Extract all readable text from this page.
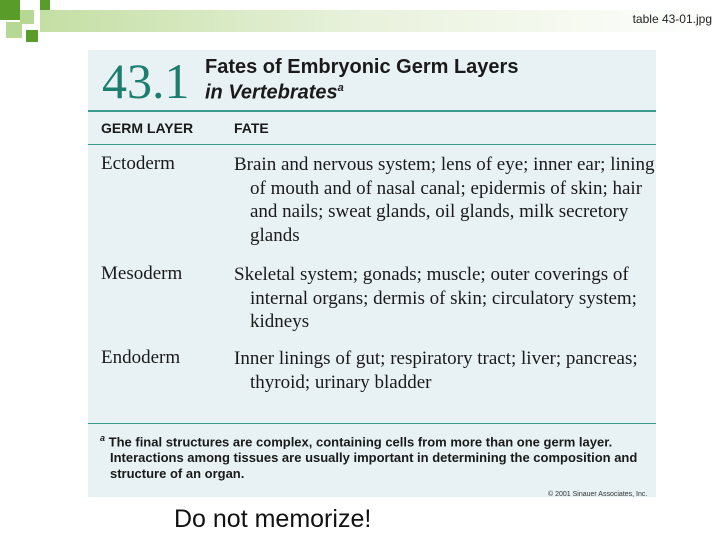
table 43-01.jpg
43.1 Fates of Embryonic Germ Layers
in Vertebrates$^a$
GERM LAYER	FATE
Ectoderm	Brain and nervous system; lens of eye; inner ear; lining of mouth and of nasal canal; epidermis of skin; hair and nails; sweat glands, oil glands, milk secretory glands
Mesoderm	Skeletal system; gonads; muscle; outer coverings of internal organs; dermis of skin; circulatory system; kidneys
Endoderm	Inner linings of gut; respiratory tract; liver; pancreas; thyroid; urinary bladder
$^a$ The final structures are complex, containing cells from more than one germ layer. Interactions among tissues are usually important in determining the composition and structure of an organ.
© 2001 Sinauer Associates, Inc.
Do not memorize!
